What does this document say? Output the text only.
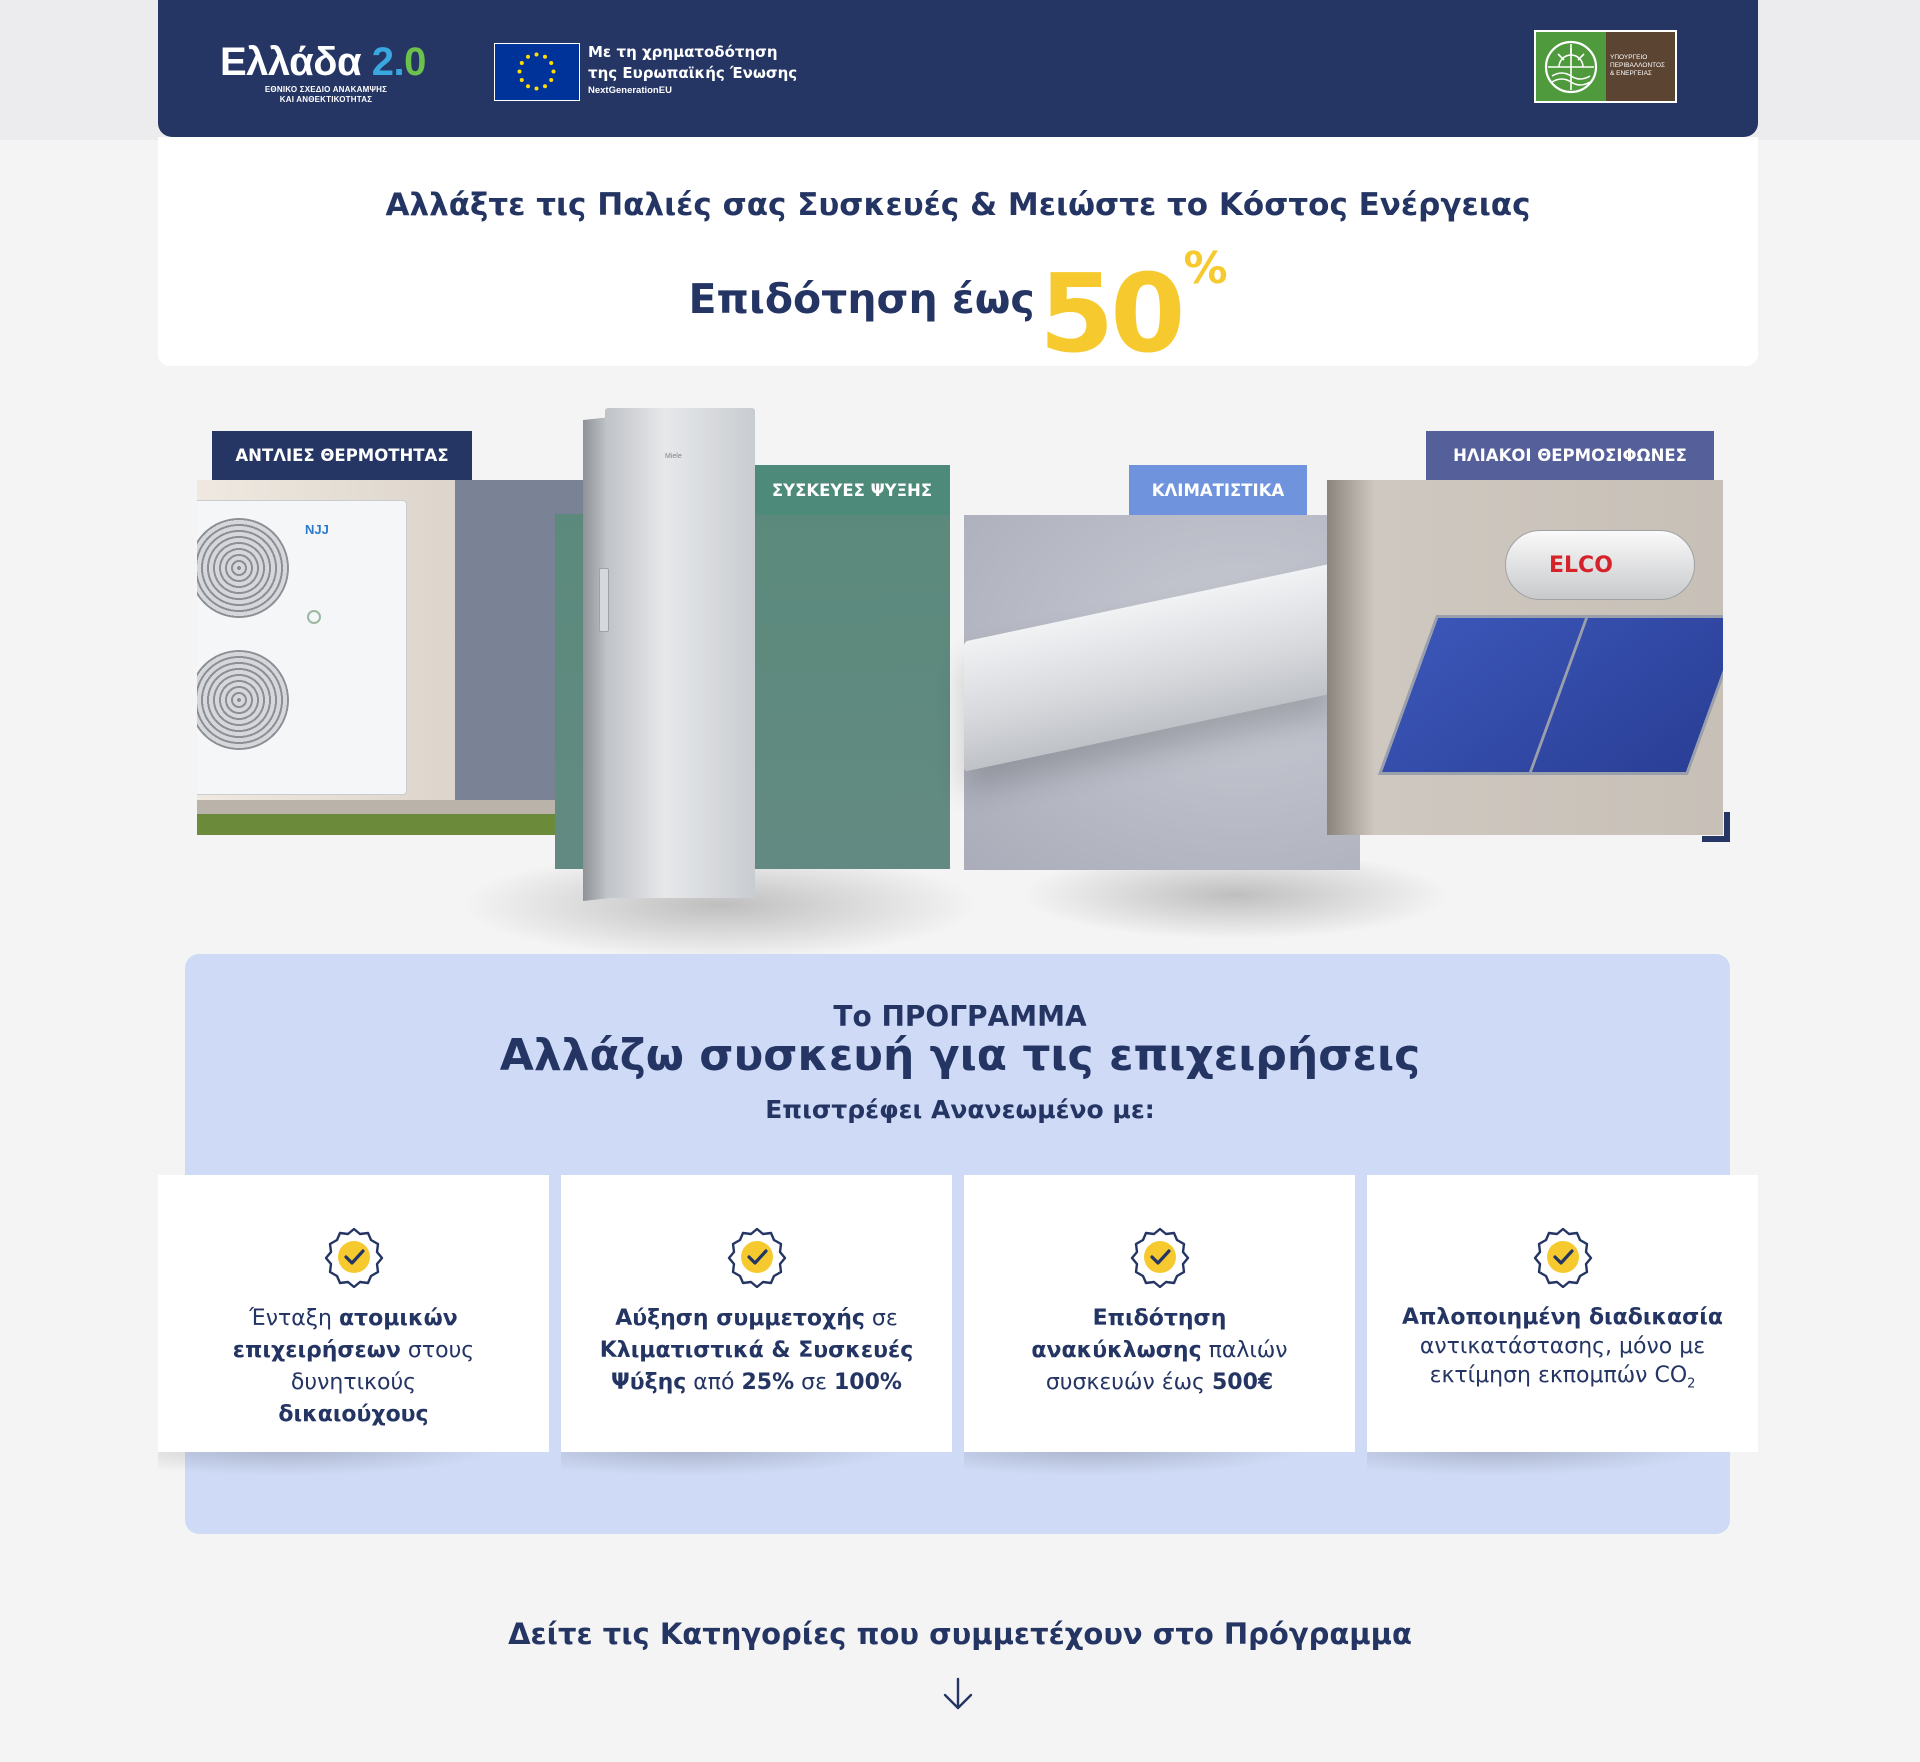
Ελλάδα 2.0
ΕΘΝΙΚΟ ΣΧΕΔΙΟ ΑΝΑΚΑΜΨΗΣ
ΚΑΙ ΑΝΘΕΚΤΙΚΟΤΗΤΑΣ
Με τη χρηματοδότηση
της Ευρωπαϊκής Ένωσης
NextGenerationEU
ΥΠΟΥΡΓΕΙΟ
ΠΕΡΙΒΑΛΛΟΝΤΟΣ
& ΕΝΕΡΓΕΙΑΣ
Αλλάξτε τις Παλιές σας Συσκευές & Μειώστε το Κόστος Ενέργειας
Επιδότηση έως 50%
NJJ
ΑΝΤΛΙΕΣ ΘΕΡΜΟΤΗΤΑΣ
ΣΥΣΚΕΥΕΣ ΨΥΞΗΣ
Miele
ΚΛΙΜΑΤΙΣΤΙΚΑ
ELCO
ΗΛΙΑΚΟΙ ΘΕΡΜΟΣΙΦΩΝΕΣ
Το ΠΡΟΓΡΑΜΜΑ
Αλλάζω συσκευή για τις επιχειρήσεις
Επιστρέφει Ανανεωμένο με:
Ένταξη ατομικών
επιχειρήσεων στους δυνητικούς
δικαιούχους
Αύξηση συμμετοχής σε
Κλιματιστικά & Συσκευές
Ψύξης από 25% σε 100%
Επιδότηση
ανακύκλωσης παλιών
συσκευών έως 500€
Απλοποιημένη διαδικασία
αντικατάστασης, μόνο με
εκτίμηση εκπομπών $CO_2$
Δείτε τις Κατηγορίες που συμμετέχουν στο Πρόγραμμα
